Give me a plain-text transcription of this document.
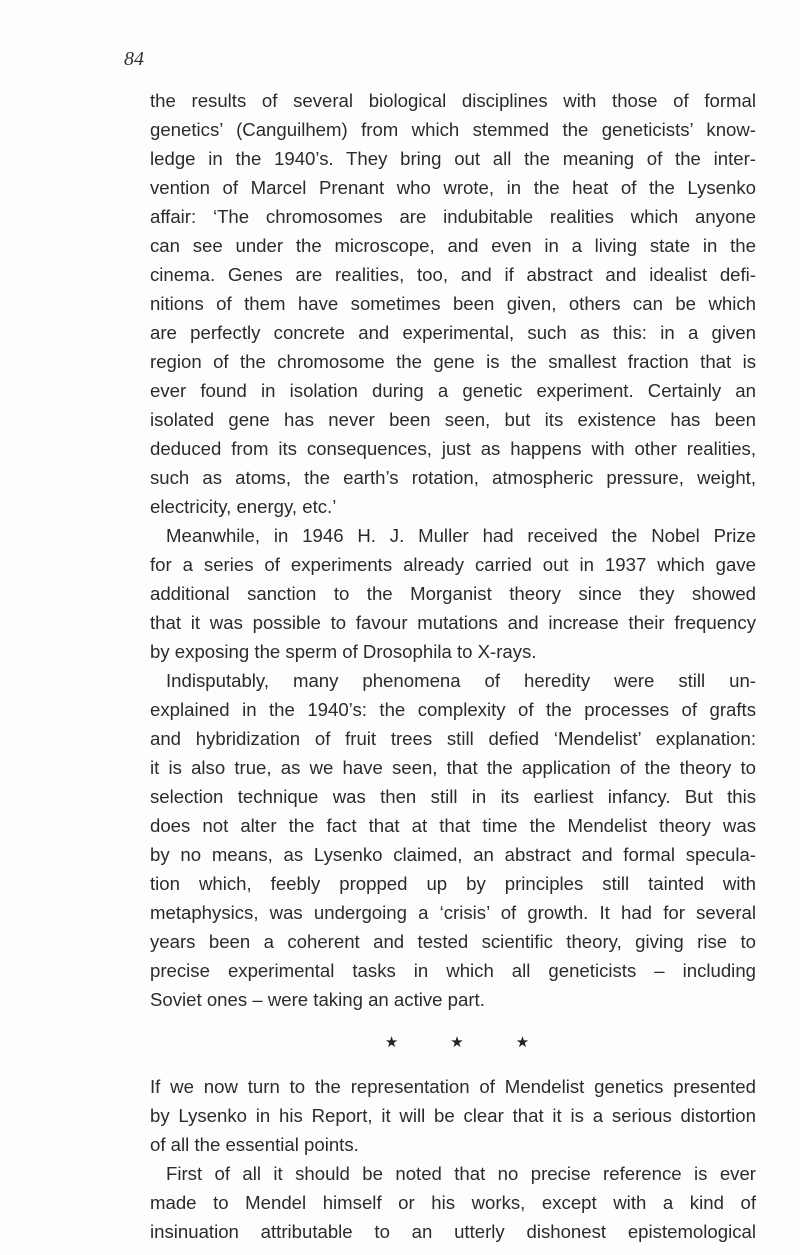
84
the results of several biological disciplines with those of formal
genetics’ (Canguilhem) from which stemmed the geneticists’ know-
ledge in the 1940’s. They bring out all the meaning of the inter-
vention of Marcel Prenant who wrote, in the heat of the Lysenko
affair: ‘The chromosomes are indubitable realities which anyone
can see under the microscope, and even in a living state in the
cinema. Genes are realities, too, and if abstract and idealist defi-
nitions of them have sometimes been given, others can be which
are perfectly concrete and experimental, such as this: in a given
region of the chromosome the gene is the smallest fraction that is
ever found in isolation during a genetic experiment. Certainly an
isolated gene has never been seen, but its existence has been
deduced from its consequences, just as happens with other realities,
such as atoms, the earth’s rotation, atmospheric pressure, weight,
electricity, energy, etc.’
Meanwhile, in 1946 H. J. Muller had received the Nobel Prize
for a series of experiments already carried out in 1937 which gave
additional sanction to the Morganist theory since they showed
that it was possible to favour mutations and increase their frequency
by exposing the sperm of Drosophila to X-rays.
Indisputably, many phenomena of heredity were still un-
explained in the 1940’s: the complexity of the processes of grafts
and hybridization of fruit trees still defied ‘Mendelist’ explanation:
it is also true, as we have seen, that the application of the theory to
selection technique was then still in its earliest infancy. But this
does not alter the fact that at that time the Mendelist theory was
by no means, as Lysenko claimed, an abstract and formal specula-
tion which, feebly propped up by principles still tainted with
metaphysics, was undergoing a ‘crisis’ of growth. It had for several
years been a coherent and tested scientific theory, giving rise to
precise experimental tasks in which all geneticists – including
Soviet ones – were taking an active part.
★	★	★
If we now turn to the representation of Mendelist genetics presented
by Lysenko in his Report, it will be clear that it is a serious distortion
of all the essential points.
First of all it should be noted that no precise reference is ever
made to Mendel himself or his works, except with a kind of
insinuation attributable to an utterly dishonest epistemological
